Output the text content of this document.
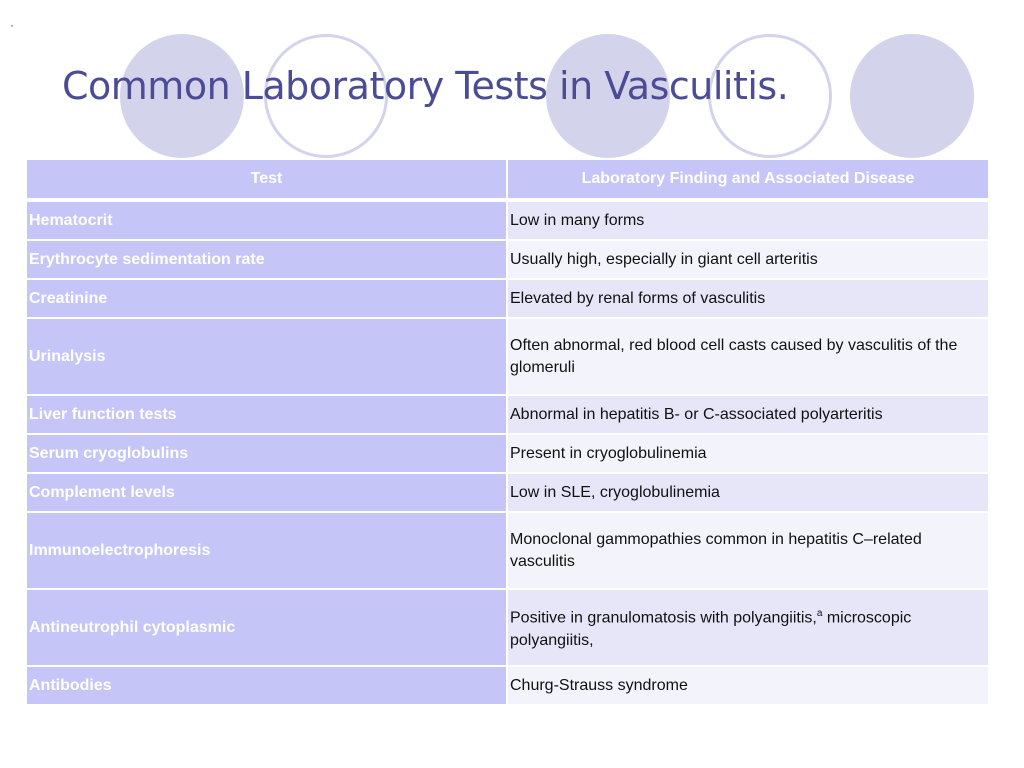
·
Common Laboratory Tests in Vasculitis.
Test	Laboratory Finding and Associated Disease
Hematocrit	Low in many forms
Erythrocyte sedimentation rate	Usually high, especially in giant cell arteritis
Creatinine	Elevated by renal forms of vasculitis
Urinalysis	Often abnormal, red blood cell casts caused by vasculitis of the glomeruli
Liver function tests	Abnormal in hepatitis B- or C-associated polyarteritis
Serum cryoglobulins	Present in cryoglobulinemia
Complement levels	Low in SLE, cryoglobulinemia
Immunoelectrophoresis	Monoclonal gammopathies common in hepatitis C–related vasculitis
Antineutrophil cytoplasmic	Positive in granulomatosis with polyangiitis,$^a$ microscopic polyangiitis,
Antibodies	Churg-Strauss syndrome
